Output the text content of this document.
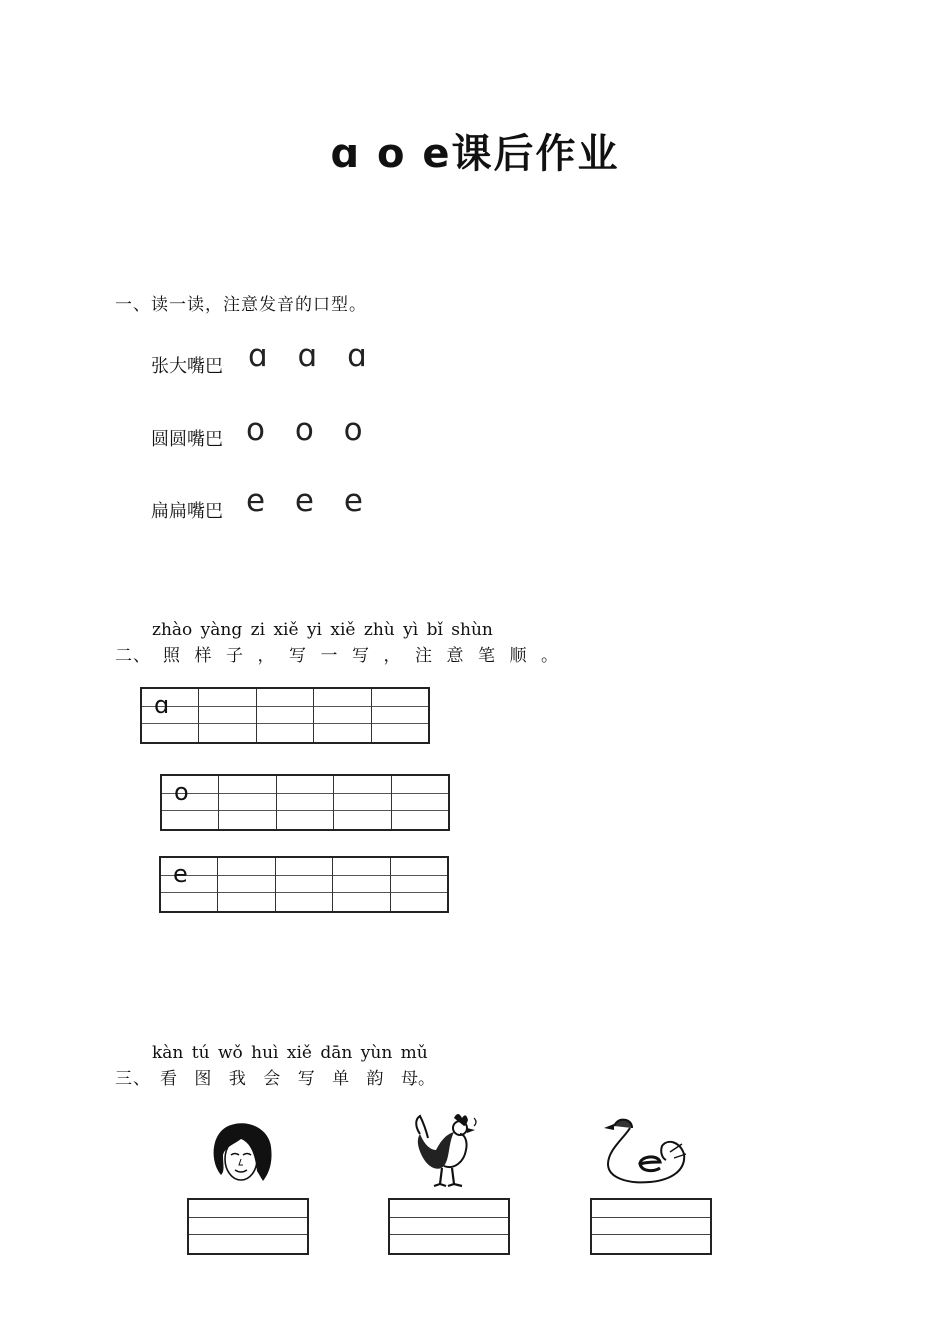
ɑ o e课后作业
一、读一读，注意发音的口型。
张大嘴巴 ɑ ɑ ɑ
圆圆嘴巴 o o o
扁扁嘴巴 e e e
zhào yàng zi xiě yi xiě zhù yì bǐ shùn
二、 照 样 子 ， 写 一 写 ， 注 意 笔 顺 。
ɑ
o
e
kàn tú wǒ huì xiě dān yùn mǔ
三、 看 图 我 会 写 单 韵 母。
